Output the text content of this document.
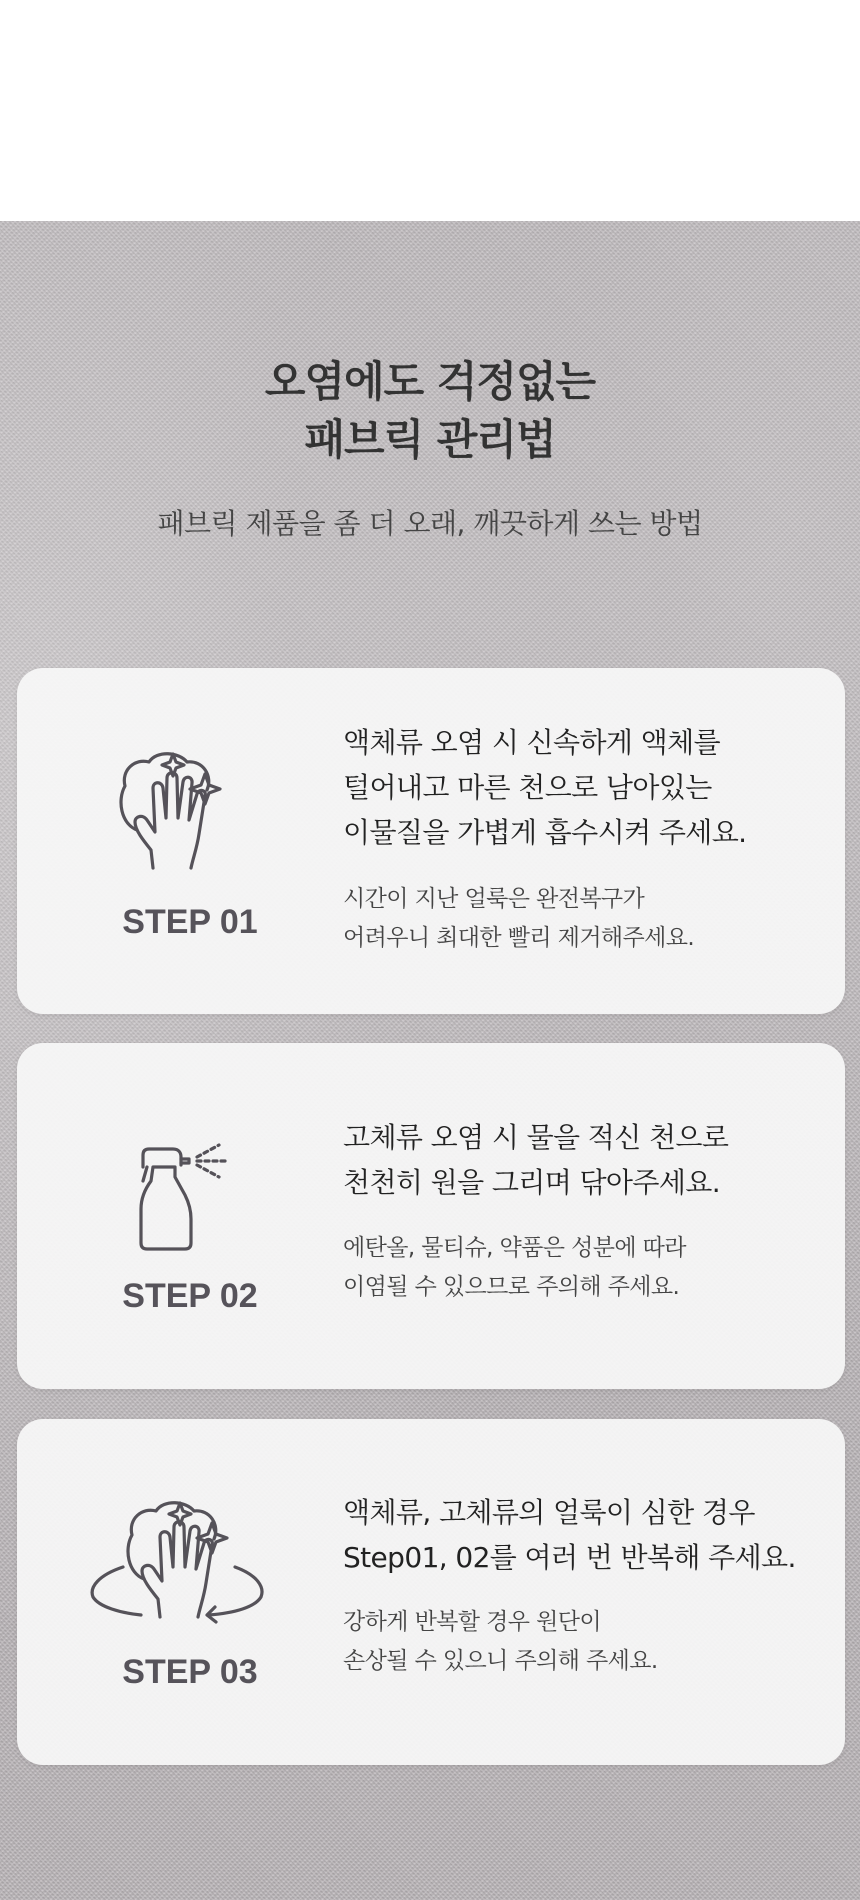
오염에도 걱정없는
패브릭 관리법
패브릭 제품을 좀 더 오래, 깨끗하게 쓰는 방법
STEP 01
액체류 오염 시 신속하게 액체를
털어내고 마른 천으로 남아있는
이물질을 가볍게 흡수시켜 주세요.
시간이 지난 얼룩은 완전복구가
어려우니 최대한 빨리 제거해주세요.
STEP 02
고체류 오염 시 물을 적신 천으로
천천히 원을 그리며 닦아주세요.
에탄올, 물티슈, 약품은 성분에 따라
이염될 수 있으므로 주의해 주세요.
STEP 03
액체류, 고체류의 얼룩이 심한 경우
Step01, 02를 여러 번 반복해 주세요.
강하게 반복할 경우 원단이
손상될 수 있으니 주의해 주세요.
